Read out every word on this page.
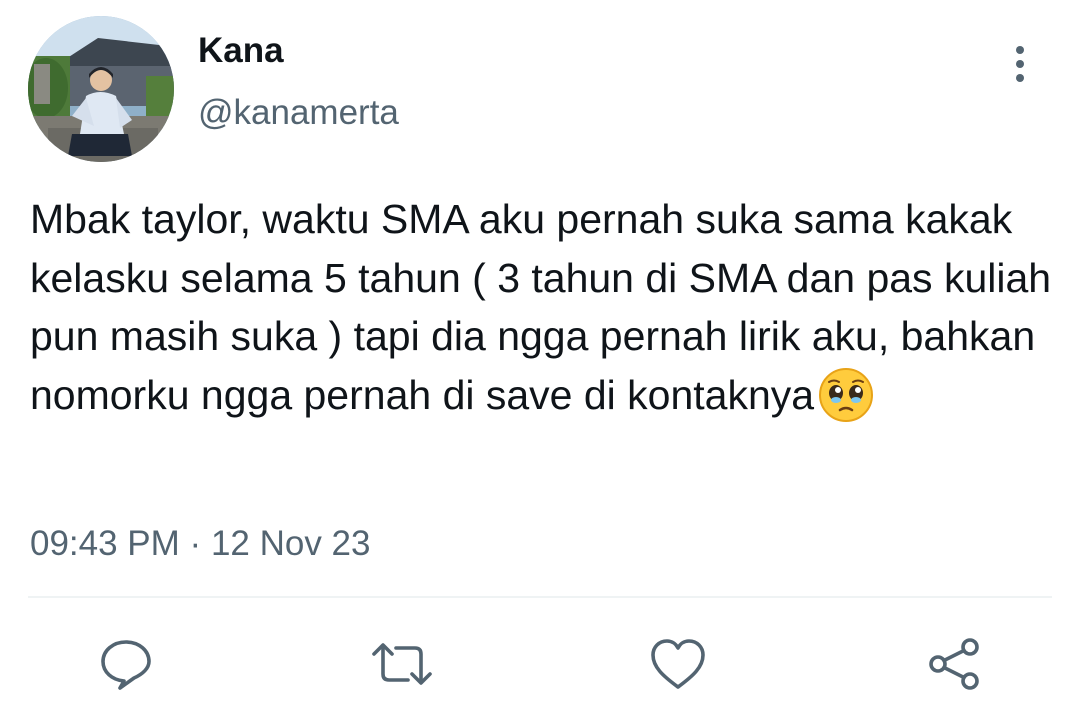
Kana
@kanamerta

Mbak taylor, waktu SMA aku pernah suka sama kakak kelasku selama 5 tahun ( 3 tahun di SMA dan pas kuliah pun masih suka ) tapi dia ngga pernah lirik aku, bahkan nomorku ngga pernah di save di kontaknya

09:43 PM · 12 Nov 23
